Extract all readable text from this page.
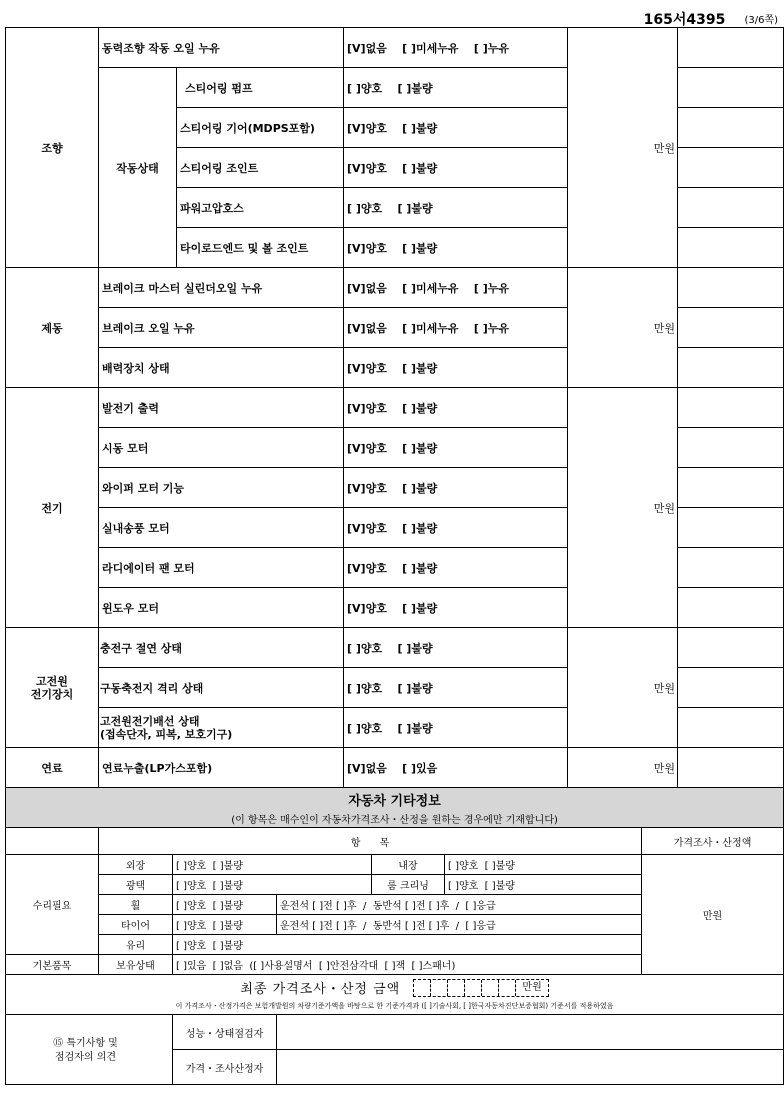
165서4395 (3/6쪽)
조향	동력조향 작동 오일 누유		[V]없음    [ ]미세누유    [ ]누유	만원	
	작동상태	스티어링 펌프	[ ]양호    [ ]불량		
		스티어링 기어(MDPS포함)	[V]양호    [ ]불량		
		스티어링 조인트	[V]양호    [ ]불량		
		파워고압호스	[ ]양호    [ ]불량		
		타이로드엔드 및 볼 조인트	[V]양호    [ ]불량		
제동	브레이크 마스터 실린더오일 누유		[V]없음    [ ]미세누유    [ ]누유	만원	
	브레이크 오일 누유		[V]없음    [ ]미세누유    [ ]누유		
	배력장치 상태		[V]양호    [ ]불량		
전기	발전기 출력		[V]양호    [ ]불량	만원	
	시동 모터		[V]양호    [ ]불량		
	와이퍼 모터 기능		[V]양호    [ ]불량		
	실내송풍 모터		[V]양호    [ ]불량		
	라디에이터 팬 모터		[V]양호    [ ]불량		
	윈도우 모터		[V]양호    [ ]불량		

고전원
전기장치	충전구 절연 상태		[ ]양호    [ ]불량	만원	
	구동축전지 격리 상태		[ ]양호    [ ]불량		

	고전원전기배선 상태
(접속단자, 피복, 보호기구)		[ ]양호    [ ]불량		
연료	연료누출(LP가스포함)		[V]없음    [ ]있음	만원	
자동차 기타정보
(이 항목은 매수인이 자동차가격조사・산정을 원하는 경우에만 기재합니다)						

	항      목					가격조사・산정액
수리필요	외장	[ ]양호  [ ]불량		내장	[ ]양호  [ ]불량	만원
	광택	[ ]양호  [ ]불량		룸 크리닝	[ ]양호  [ ]불량	
	휠	[ ]양호  [ ]불량	운전석 [ ]전 [ ]후  /  동반석 [ ]전 [ ]후  /  [ ]응급			
	타이어	[ ]양호  [ ]불량	운전석 [ ]전 [ ]후  /  동반석 [ ]전 [ ]후  /  [ ]응급			
	유리	[ ]양호  [ ]불량				
기본품목	보유상태	[ ]있음  [ ]없음  ([ ]사용설명서  [ ]안전삼각대  [ ]잭  [ ]스패너)				
최종 가격조사・산정 금액 만원
이 가격조사・산정가격은 보험개발원의 차량기준가액을 바탕으로 한 기준가격과 ([ ]기술사회, [ ]한국자동차진단보증협회) 기준서를 적용하였음						

	⑮ 특기사항 및
점검자의 의견	성능・상태점검자				
		가격・조사산정자				
